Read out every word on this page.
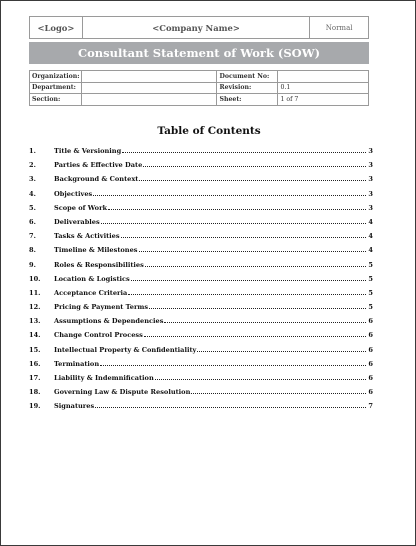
<Logo>	<Company Name>	Normal
Consultant Statement of Work (SOW)
Organization:		Document No:	
Department:		Revision:	0.1
Section:		Sheet:	1 of 7
Table of Contents
1.	Title & Versioning	3
2.	Parties & Effective Date	3
3.	Background & Context	3
4.	Objectives	3
5.	Scope of Work	3
6.	Deliverables	4
7.	Tasks & Activities	4
8.	Timeline & Milestones	4
9.	Roles & Responsibilities	5
10.	Location & Logistics	5
11.	Acceptance Criteria	5
12.	Pricing & Payment Terms	5
13.	Assumptions & Dependencies	6
14.	Change Control Process	6
15.	Intellectual Property & Confidentiality	6
16.	Termination	6
17.	Liability & Indemnification	6
18.	Governing Law & Dispute Resolution	6
19.	Signatures	7
